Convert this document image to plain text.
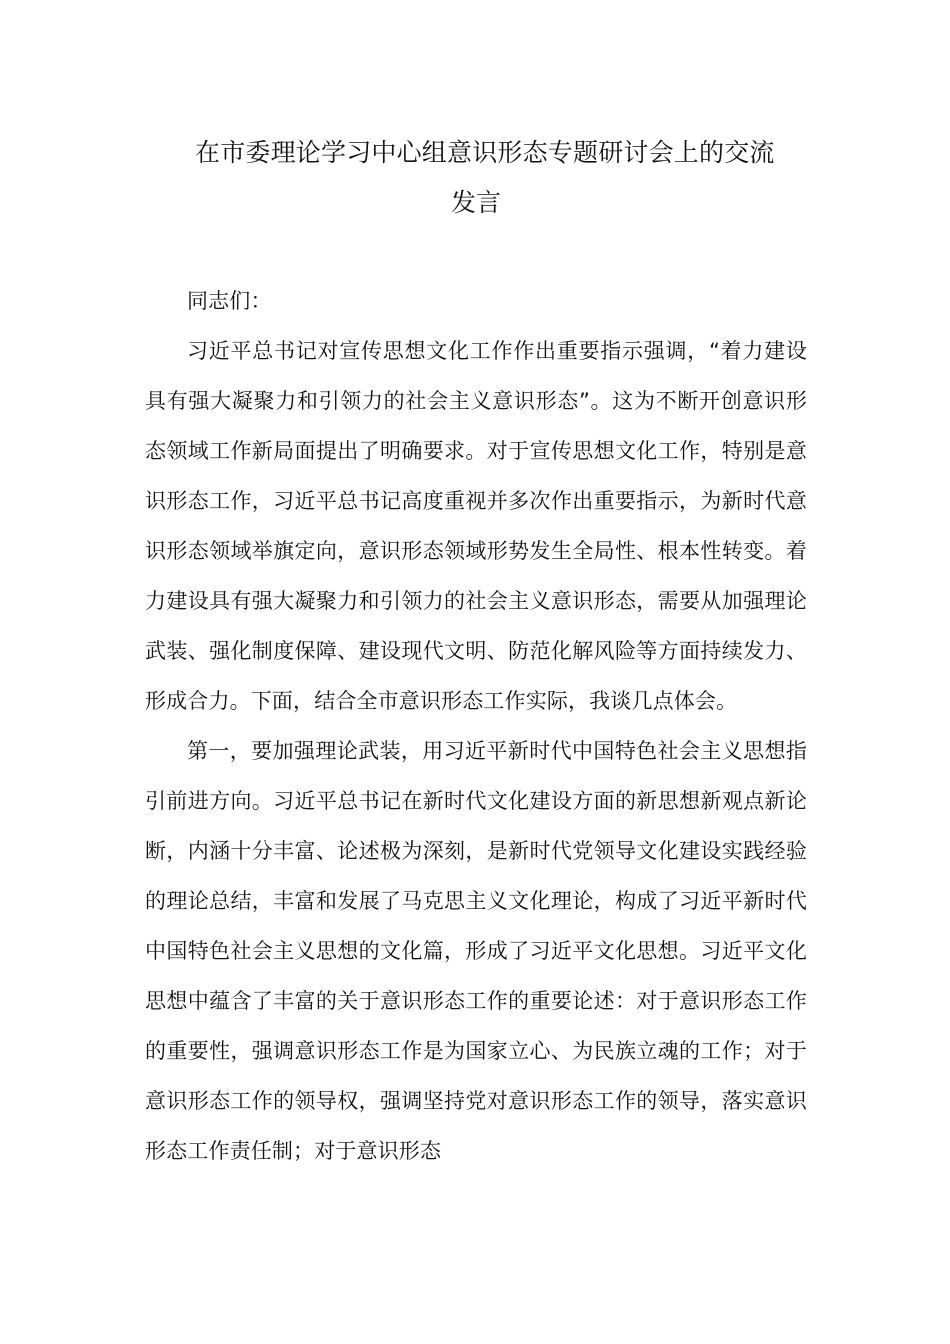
在市委理论学习中心组意识形态专题研讨会上的交流
发言

同志们：

习近平总书记对宣传思想文化工作作出重要指示强调，“着力建设具有强大凝聚力和引领力的社会主义意识形态”。这为不断开创意识形态领域工作新局面提出了明确要求。对于宣传思想文化工作，特别是意识形态工作，习近平总书记高度重视并多次作出重要指示，为新时代意识形态领域举旗定向，意识形态领域形势发生全局性、根本性转变。着力建设具有强大凝聚力和引领力的社会主义意识形态，需要从加强理论武装、强化制度保障、建设现代文明、防范化解风险等方面持续发力、形成合力。下面，结合全市意识形态工作实际，我谈几点体会。

第一，要加强理论武装，用习近平新时代中国特色社会主义思想指引前进方向。习近平总书记在新时代文化建设方面的新思想新观点新论断，内涵十分丰富、论述极为深刻，是新时代党领导文化建设实践经验的理论总结，丰富和发展了马克思主义文化理论，构成了习近平新时代中国特色社会主义思想的文化篇，形成了习近平文化思想。习近平文化思想中蕴含了丰富的关于意识形态工作的重要论述：对于意识形态工作的重要性，强调意识形态工作是为国家立心、为民族立魂的工作；对于意识形态工作的领导权，强调坚持党对意识形态工作的领导，落实意识形态工作责任制；对于意识形态
